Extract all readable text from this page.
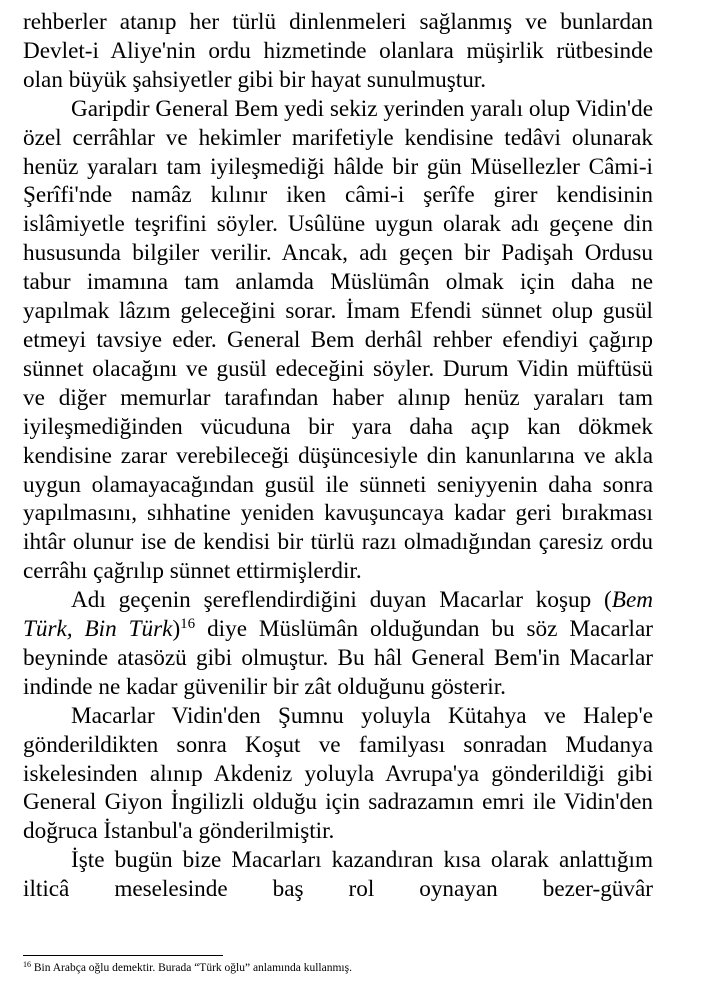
rehberler atanıp her türlü dinlenmeleri sağlanmış ve bunlardan Devlet-i Aliye'nin ordu hizmetinde olanlara müşirlik rütbesinde olan büyük şahsiyetler gibi bir hayat sunulmuştur.

Garipdir General Bem yedi sekiz yerinden yaralı olup Vidin'de özel cerrâhlar ve hekimler marifetiyle kendisine tedâvi olunarak henüz yaraları tam iyileşmediği hâlde bir gün Müsellezler Câmi-i Şerîfi'nde namâz kılınır iken câmi-i şerîfe girer kendisinin islâmiyetle teşrifini söyler. Usûlüne uygun olarak adı geçene din hususunda bilgiler verilir. Ancak, adı geçen bir Padişah Ordusu tabur imamına tam anlamda Müslümân olmak için daha ne yapılmak lâzım geleceğini sorar. İmam Efendi sünnet olup gusül etmeyi tavsiye eder. General Bem derhâl rehber efendiyi çağırıp sünnet olacağını ve gusül edeceğini söyler. Durum Vidin müftüsü ve diğer memurlar tarafından haber alınıp henüz yaraları tam iyileşmediğinden vücuduna bir yara daha açıp kan dökmek kendisine zarar verebileceği düşüncesiyle din kanunlarına ve akla uygun olamayacağından gusül ile sünneti seniyyenin daha sonra yapılmasını, sıhhatine yeniden kavuşuncaya kadar geri bırakması ihtâr olunur ise de kendisi bir türlü razı olmadığından çaresiz ordu cerrâhı çağrılıp sünnet ettirmişlerdir.

Adı geçenin şereflendirdiğini duyan Macarlar koşup (Bem Türk, Bin Türk)$^{16}$ diye Müslümân olduğundan bu söz Macarlar beyninde atasözü gibi olmuştur. Bu hâl General Bem'in Macarlar indinde ne kadar güvenilir bir zât olduğunu gösterir.

Macarlar Vidin'den Şumnu yoluyla Kütahya ve Halep'e gönderildikten sonra Koşut ve familyası sonradan Mudanya iskelesinden alınıp Akdeniz yoluyla Avrupa'ya gönderildiği gibi General Giyon İngilizli olduğu için sadrazamın emri ile Vidin'den doğruca İstanbul'a gönderilmiştir.

İşte bugün bize Macarları kazandıran kısa olarak anlattığım ilticâ meselesinde baş rol oynayan bezer-güvâr

$^{16}$ Bin Arabça oğlu demektir. Burada “Türk oğlu” anlamında kullanmış.
